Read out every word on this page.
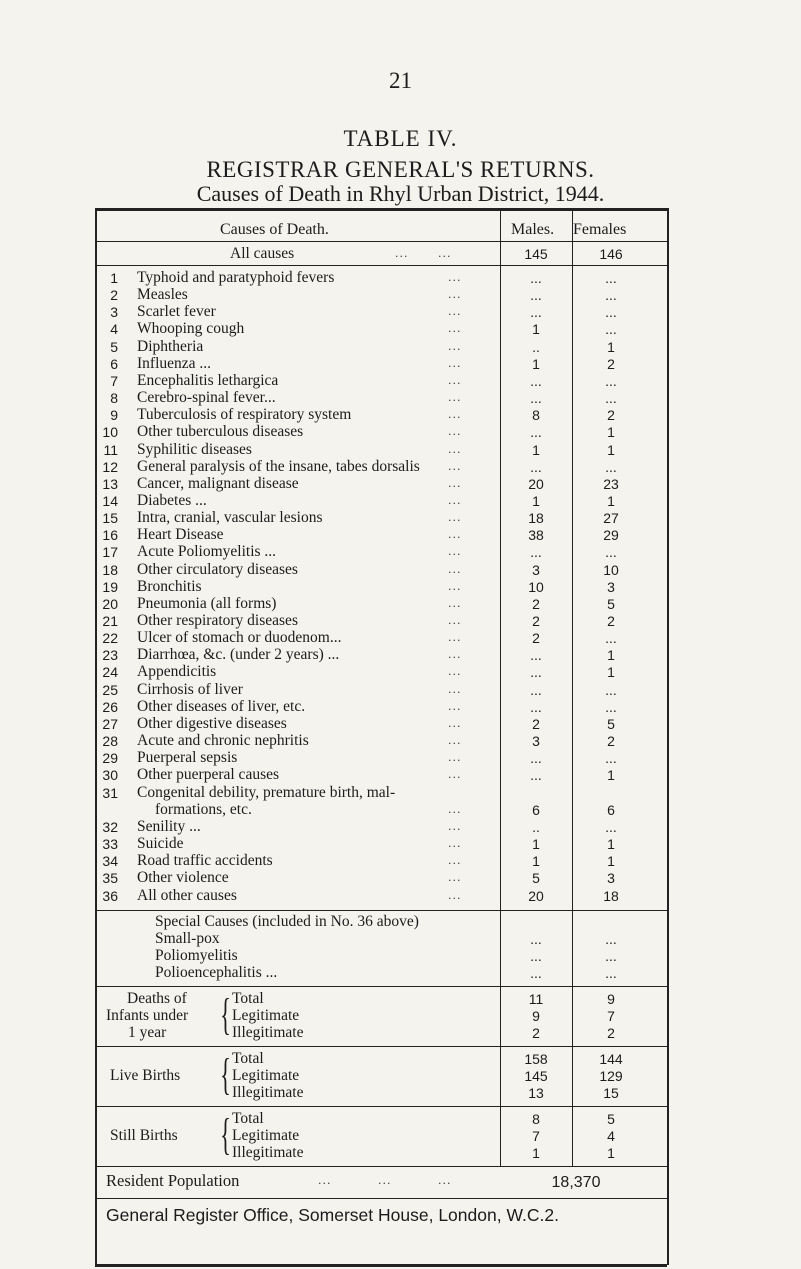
21
TABLE IV.
REGISTRAR GENERAL'S RETURNS.
Causes of Death in Rhyl Urban District, 1944.
Causes of Death.	Males. Females
All causes	...	...	145	146
1 Typhoid and paratyphoid fevers	...	...
2 Measles	...	...
3 Scarlet fever	...	...
4 Whooping cough	1	...
5 Diphtheria	..	1
6 Influenza ...	1	2
7 Encephalitis lethargica	...	...
8 Cerebro-spinal fever...	...	...
9 Tuberculosis of respiratory system	8	2
10 Other tuberculous diseases	...	1
11 Syphilitic diseases	1	1
12 General paralysis of the insane, tabes dorsalis	...	...
13 Cancer, malignant disease	20	23
14 Diabetes ...	1	1
15 Intra, cranial, vascular lesions	18	27
16 Heart Disease	38	29
17 Acute Poliomyelitis ...	...	...
18 Other circulatory diseases	3	10
19 Bronchitis	10	3
20 Pneumonia (all forms)	2	5
21 Other respiratory diseases	2	2
22 Ulcer of stomach or duodenom...	2	...
23 Diarrhœa, &c. (under 2 years) ...	...	1
24 Appendicitis	...	1
25 Cirrhosis of liver	...	...
26 Other diseases of liver, etc.	...	...
27 Other digestive diseases	2	5
28 Acute and chronic nephritis	3	2
29 Puerperal sepsis	...	...
30 Other puerperal causes	...	1
31 Congenital debility, premature birth, mal-
formations, etc.	6	6
32 Senility ...	..	...
33 Suicide	1	1
34 Road traffic accidents	1	1
35 Other violence	5	3
36 All other causes	20	18
Special Causes (included in No. 36 above)
Small-pox	...	...
Poliomyelitis	...	...
Polioencephalitis ...	...	...
Deaths of
Infants under
1 year { Total	11	9
Legitimate	9	7
Illegitimate	2	2
Live Births { Total	158	144
Legitimate	145	129
Illegitimate	13	15
Still Births { Total	8	5
Legitimate	7	4
Illegitimate	1	1
Resident Population	...	...	...	18,370
General Register Office, Somerset House, London, W.C.2.
...
...
...
...
...
...
...
...
...
...
...
...
...
...
...
...
...
...
...
...
...
...
...
...
...
...
...
...
...
...
...
...
...
...
...
...
